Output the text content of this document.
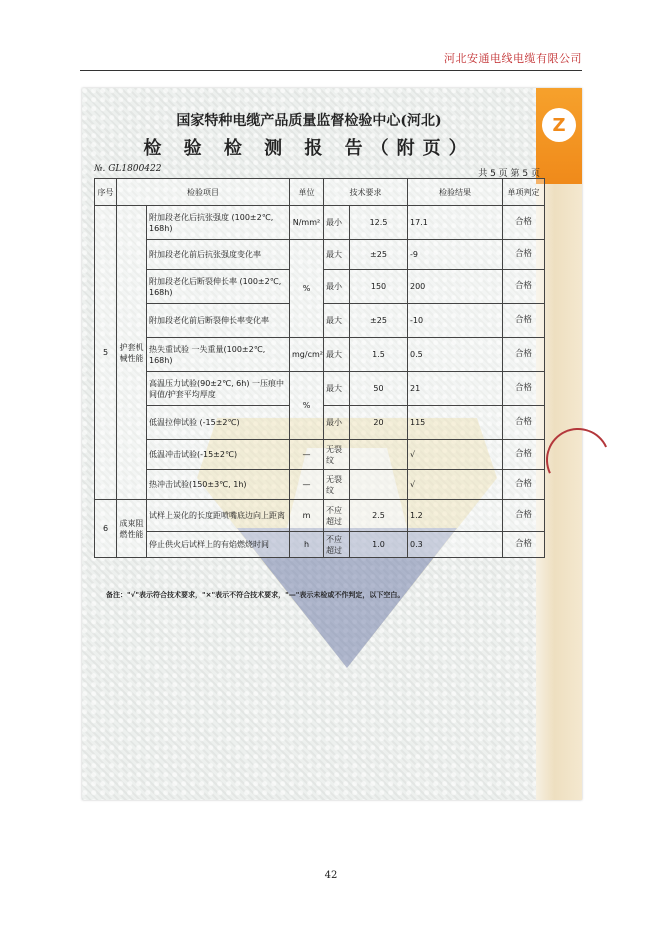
河北安通电线电缆有限公司
Z
国家特种电缆产品质量监督检验中心(河北)
检 验 检 测 报 告（附页）
№. GL1800422	共 5 页 第 5 页
序号	检验项目		单位	技术要求		检验结果	单项判定
5	护套机械性能	附加段老化后抗张强度 (100±2℃, 168h)	N/mm²	最小	12.5	17.1	合格
		附加段老化前后抗张强度变化率	%	最大	±25	-9	合格
		附加段老化后断裂伸长率 (100±2℃, 168h)		最小	150	200	合格
		附加段老化前后断裂伸长率变化率		最大	±25	-10	合格
		热失重试验 一失重量(100±2℃, 168h)	mg/cm²	最大	1.5	0.5	合格
		高温压力试验(90±2℃, 6h) 一压痕中间值/护套平均厚度	%	最大	50	21	合格
		低温拉伸试验 (-15±2℃)		最小	20	115	合格
		低温冲击试验(-15±2℃)	—	无裂纹		√	合格
		热冲击试验(150±3℃, 1h)	—	无裂纹		√	合格
6	成束阻燃性能	试样上炭化的长度距喷嘴底边向上距离	m	不应超过	2.5	1.2	合格
		停止供火后试样上的有焰燃烧时间	h	不应超过	1.0	0.3	合格
备注："√"表示符合技术要求，"×"表示不符合技术要求，"—"表示未检或不作判定，以下空白。
42
